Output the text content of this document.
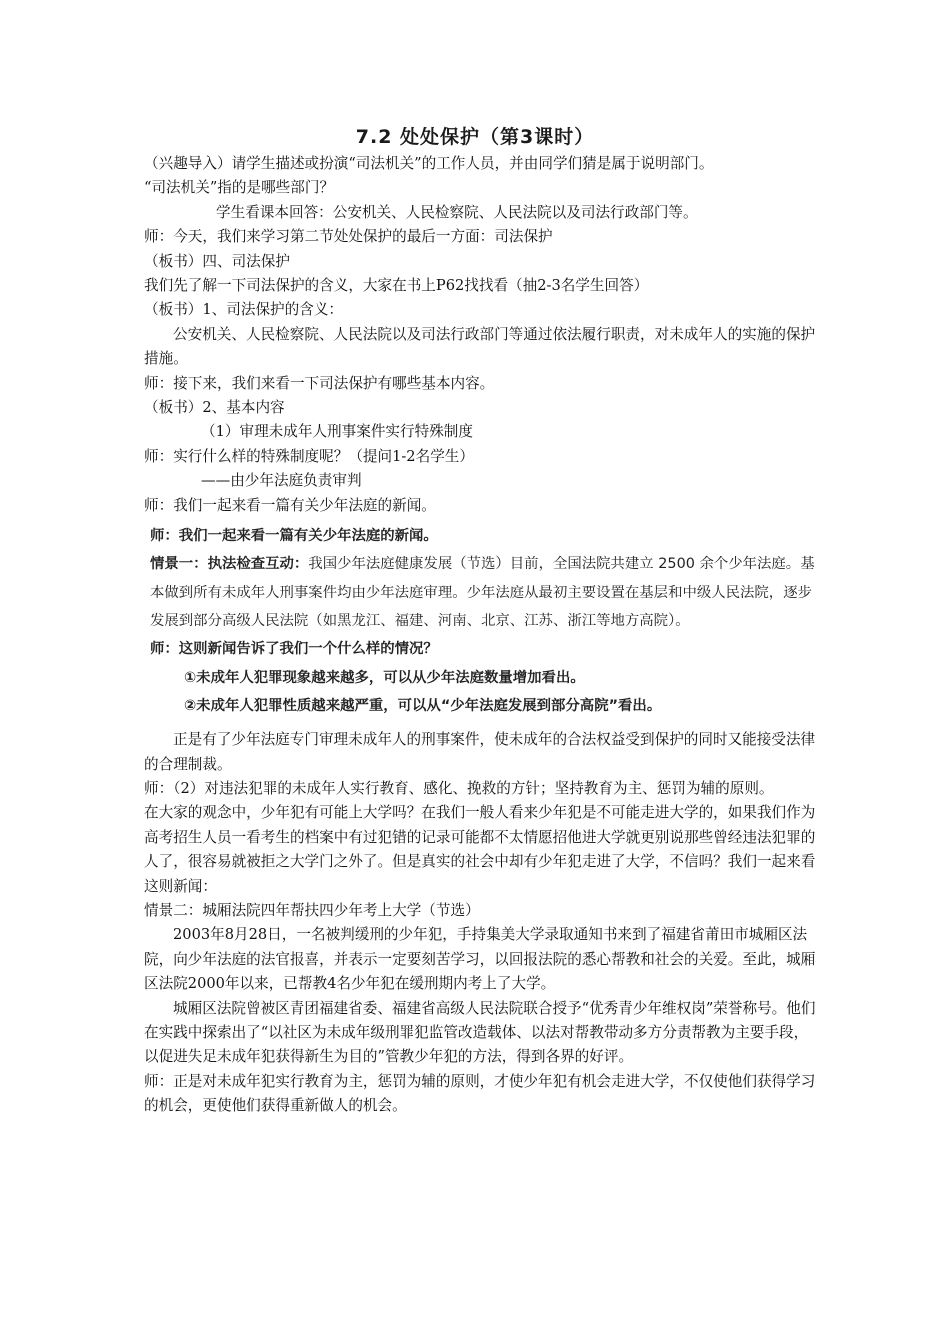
7.2 处处保护（第3课时）

（兴趣导入）请学生描述或扮演“司法机关”的工作人员，并由同学们猜是属于说明部门。

“司法机关”指的是哪些部门？

学生看课本回答：公安机关、人民检察院、人民法院以及司法行政部门等。

师：今天，我们来学习第二节处处保护的最后一方面：司法保护

（板书）四、司法保护

我们先了解一下司法保护的含义，大家在书上P62找找看（抽2-3名学生回答）

（板书）1、司法保护的含义：

公安机关、人民检察院、人民法院以及司法行政部门等通过依法履行职责，对未成年人的实施的保护措施。

师：接下来，我们来看一下司法保护有哪些基本内容。

（板书）2、基本内容

（1）审理未成年人刑事案件实行特殊制度

师：实行什么样的特殊制度呢？（提问1-2名学生）

——由少年法庭负责审判

师：我们一起来看一篇有关少年法庭的新闻。

师：我们一起来看一篇有关少年法庭的新闻。

情景一：执法检查互动：我国少年法庭健康发展（节选）目前，全国法院共建立 2500 余个少年法庭。基本做到所有未成年人刑事案件均由少年法庭审理。少年法庭从最初主要设置在基层和中级人民法院，逐步发展到部分高级人民法院（如黑龙江、福建、河南、北京、江苏、浙江等地方高院）。

师：这则新闻告诉了我们一个什么样的情况？

①未成年人犯罪现象越来越多，可以从少年法庭数量增加看出。

②未成年人犯罪性质越来越严重，可以从“少年法庭发展到部分高院”看出。

正是有了少年法庭专门审理未成年人的刑事案件，使未成年的合法权益受到保护的同时又能接受法律的合理制裁。

师：（2）对违法犯罪的未成年人实行教育、感化、挽救的方针；坚持教育为主、惩罚为辅的原则。

在大家的观念中，少年犯有可能上大学吗？在我们一般人看来少年犯是不可能走进大学的，如果我们作为高考招生人员一看考生的档案中有过犯错的记录可能都不太情愿招他进大学就更别说那些曾经违法犯罪的人了，很容易就被拒之大学门之外了。但是真实的社会中却有少年犯走进了大学，不信吗？我们一起来看这则新闻：

情景二：城厢法院四年帮扶四少年考上大学（节选）

2003年8月28日，一名被判缓刑的少年犯，手持集美大学录取通知书来到了福建省莆田市城厢区法院，向少年法庭的法官报喜，并表示一定要刻苦学习，以回报法院的悉心帮教和社会的关爱。至此，城厢区法院2000年以来，已帮教4名少年犯在缓刑期内考上了大学。

城厢区法院曾被区青团福建省委、福建省高级人民法院联合授予“优秀青少年维权岗”荣誉称号。他们在实践中探索出了“以社区为未成年级刑罪犯监管改造载体、以法对帮教带动多方分责帮教为主要手段，以促进失足未成年犯获得新生为目的”管教少年犯的方法，得到各界的好评。

师：正是对未成年犯实行教育为主，惩罚为辅的原则，才使少年犯有机会走进大学，不仅使他们获得学习的机会，更使他们获得重新做人的机会。
